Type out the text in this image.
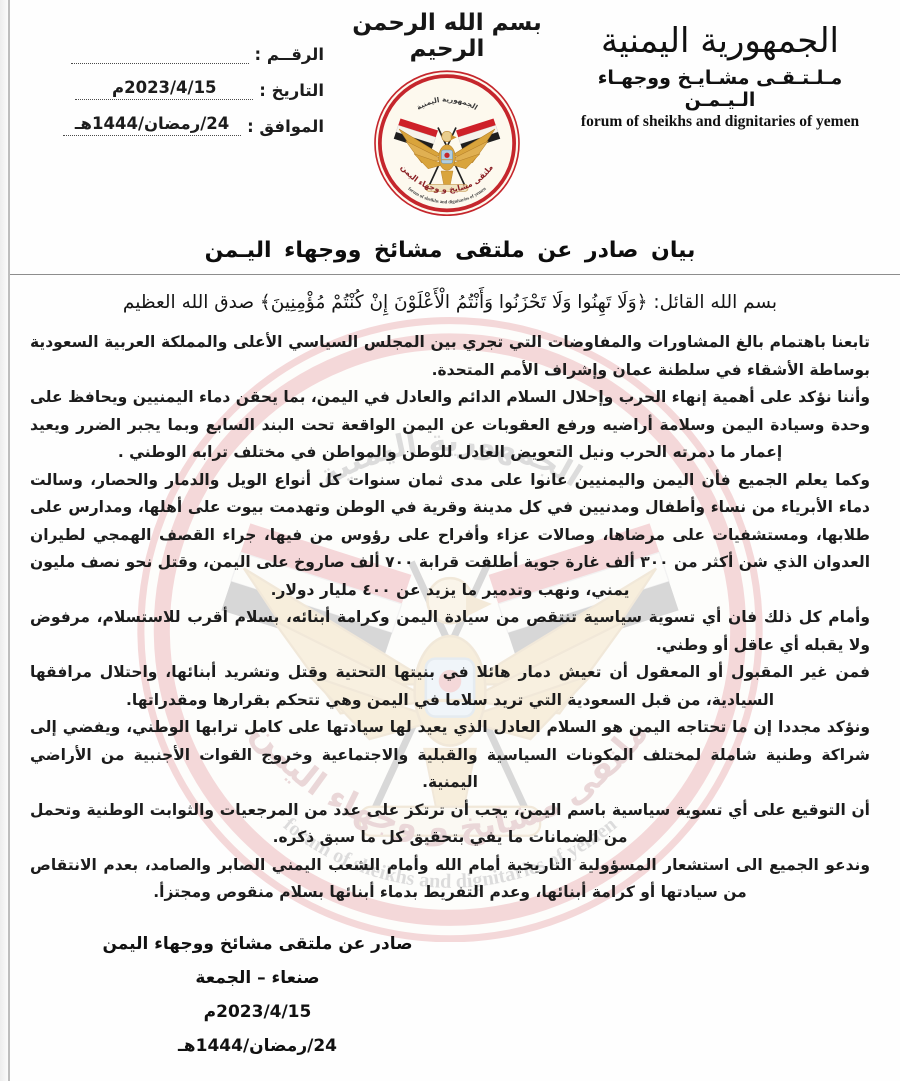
الجمهورية اليمنية
مـلـتـقـى مشـايـخ ووجهـاء الـيـمـن
forum of sheikhs and dignitaries of yemen
بسم الله الرحمن الرحيم
الرقــم :
التاريخ :
2023/4/15م
الموافق :
24/رمضان/1444هـ
بيان صادر عن ملتقى مشائخ ووجهاء اليـمن
بسم الله القائل: ﴿وَلَا تَهِنُوا وَلَا تَحْزَنُوا وَأَنْتُمُ الْأَعْلَوْنَ إِنْ كُنْتُمْ مُؤْمِنِينَ﴾ صدق الله العظيم

تابعنا باهتمام بالغ المشاورات والمفاوضات التي تجري بين المجلس السياسي الأعلى والمملكة العربية السعودية بوساطة الأشقاء في سلطنة عمان وإشراف الأمم المتحدة.

وأننا نؤكد على أهمية إنهاء الحرب وإحلال السلام الدائم والعادل في اليمن، بما يحقن دماء اليمنيين ويحافظ على وحدة وسيادة اليمن وسلامة أراضيه ورفع العقوبات عن اليمن الواقعة تحت البند السابع وبما يجبر الضرر ويعيد إعمار ما دمرته الحرب ونيل التعويض العادل للوطن والمواطن في مختلف ترابه الوطني .

وكما يعلم الجميع فأن اليمن واليمنيين عانوا على مدى ثمان سنوات كل أنواع الويل والدمار والحصار، وسالت دماء الأبرياء من نساء وأطفال ومدنيين في كل مدينة وقرية في الوطن وتهدمت بيوت على أهلها، ومدارس على طلابها، ومستشفيات على مرضاها، وصالات عزاء وأفراح على رؤوس من فيها، جراء القصف الهمجي لطيران العدوان الذي شن أكثر من ٣٠٠ ألف غارة جوية أطلقت قرابة ٧٠٠ ألف صاروخ على اليمن، وقتل نحو نصف مليون يمني، ونهب وتدمير ما يزيد عن ٤٠٠ مليار دولار.

وأمام كل ذلك فان أي تسوية سياسية تنتقص من سيادة اليمن وكرامة أبنائه، بسلام أقرب للاستسلام، مرفوض ولا يقبله أي عاقل أو وطني.

فمن غير المقبول أو المعقول أن تعيش دمار هائلا في بنيتها التحتية وقتل وتشريد أبنائها، واحتلال مرافقها السيادية، من قبل السعودية التي تريد سلاما في اليمن وهي تتحكم بقرارها ومقدراتها.

ونؤكد مجددا إن ما تحتاجه اليمن هو السلام العادل الذي يعيد لها سيادتها على كامل ترابها الوطني، ويفضي إلى شراكة وطنية شاملة لمختلف المكونات السياسية والقبلية والاجتماعية وخروج القوات الأجنبية من الأراضي اليمنية.

أن التوقيع على أي تسوية سياسية باسم اليمن، يجب أن ترتكز على عدد من المرجعيات والثوابت الوطنية وتحمل من الضمانات ما يفي بتحقيق كل ما سبق ذكره.

وندعو الجميع الى استشعار المسؤولية التاريخية أمام الله وأمام الشعب اليمني الصابر والصامد، بعدم الانتقاص من سيادتها أو كرامة أبنائها، وعدم التفريط بدماء أبنائها بسلام منقوص ومجتزأ.

صادر عن ملتقى مشائخ ووجهاء اليمن
صنعاء – الجمعة
2023/4/15م
24/رمضان/1444هـ
